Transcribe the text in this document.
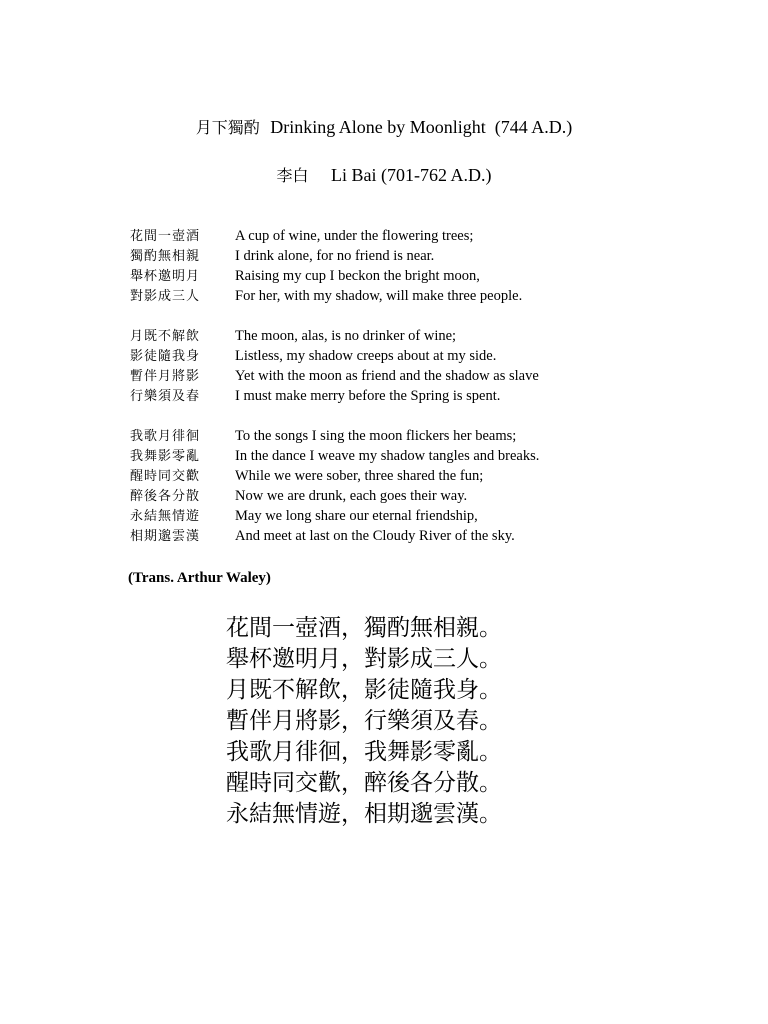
月下獨酌 Drinking Alone by Moonlight  (744 A.D.)
李白 Li Bai (701-762 A.D.)
花間一壺酒 A cup of wine, under the flowering trees;
獨酌無相親 I drink alone, for no friend is near.
舉杯邀明月 Raising my cup I beckon the bright moon,
對影成三人 For her, with my shadow, will make three people.
月既不解飲 The moon, alas, is no drinker of wine;
影徒隨我身 Listless, my shadow creeps about at my side.
暫伴月將影 Yet with the moon as friend and the shadow as slave
行樂須及春 I must make merry before the Spring is spent.
我歌月徘徊 To the songs I sing the moon flickers her beams;
我舞影零亂 In the dance I weave my shadow tangles and breaks.
醒時同交歡 While we were sober, three shared the fun;
醉後各分散 Now we are drunk, each goes their way.
永結無情遊 May we long share our eternal friendship,
相期邈雲漢 And meet at last on the Cloudy River of the sky.
(Trans. Arthur Waley)
花間一壺酒，獨酌無相親。
舉杯邀明月，對影成三人。
月既不解飲，影徒隨我身。
暫伴月將影，行樂須及春。
我歌月徘徊，我舞影零亂。
醒時同交歡，醉後各分散。
永結無情遊，相期邈雲漢。
